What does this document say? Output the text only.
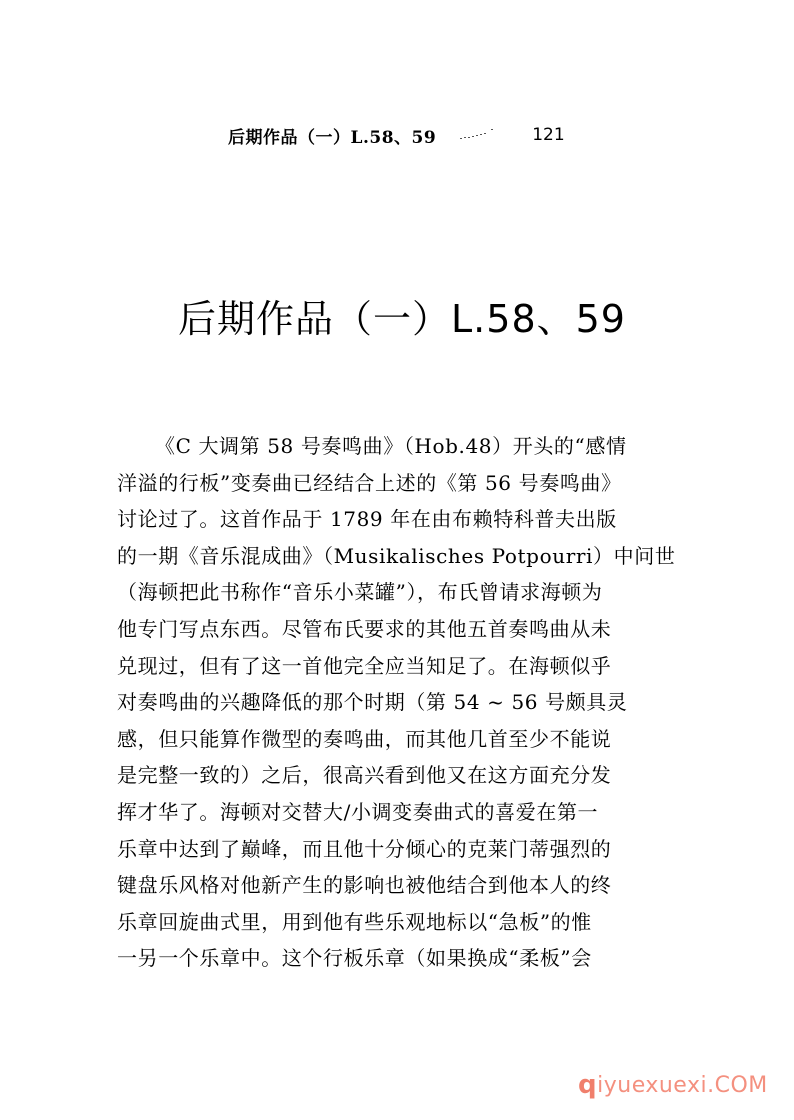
后期作品（一）L.58、59	121
后期作品（一）L.58、59
《C 大调第 58 号奏鸣曲》（Hob.48）开头的“感情
洋溢的行板”变奏曲已经结合上述的《第 56 号奏鸣曲》
讨论过了。这首作品于 1789 年在由布赖特科普夫出版
的一期《音乐混成曲》（Musikalisches Potpourri）中问世
（海顿把此书称作“音乐小菜罐”），布氏曾请求海顿为
他专门写点东西。尽管布氏要求的其他五首奏鸣曲从未
兑现过，但有了这一首他完全应当知足了。在海顿似乎
对奏鸣曲的兴趣降低的那个时期（第 54 ~ 56 号颇具灵
感，但只能算作微型的奏鸣曲，而其他几首至少不能说
是完整一致的）之后，很高兴看到他又在这方面充分发
挥才华了。海顿对交替大/小调变奏曲式的喜爱在第一
乐章中达到了巅峰，而且他十分倾心的克莱门蒂强烈的
键盘乐风格对他新产生的影响也被他结合到他本人的终
乐章回旋曲式里，用到他有些乐观地标以“急板”的惟
一另一个乐章中。这个行板乐章（如果换成“柔板”会
q iyuexuexi.COM
